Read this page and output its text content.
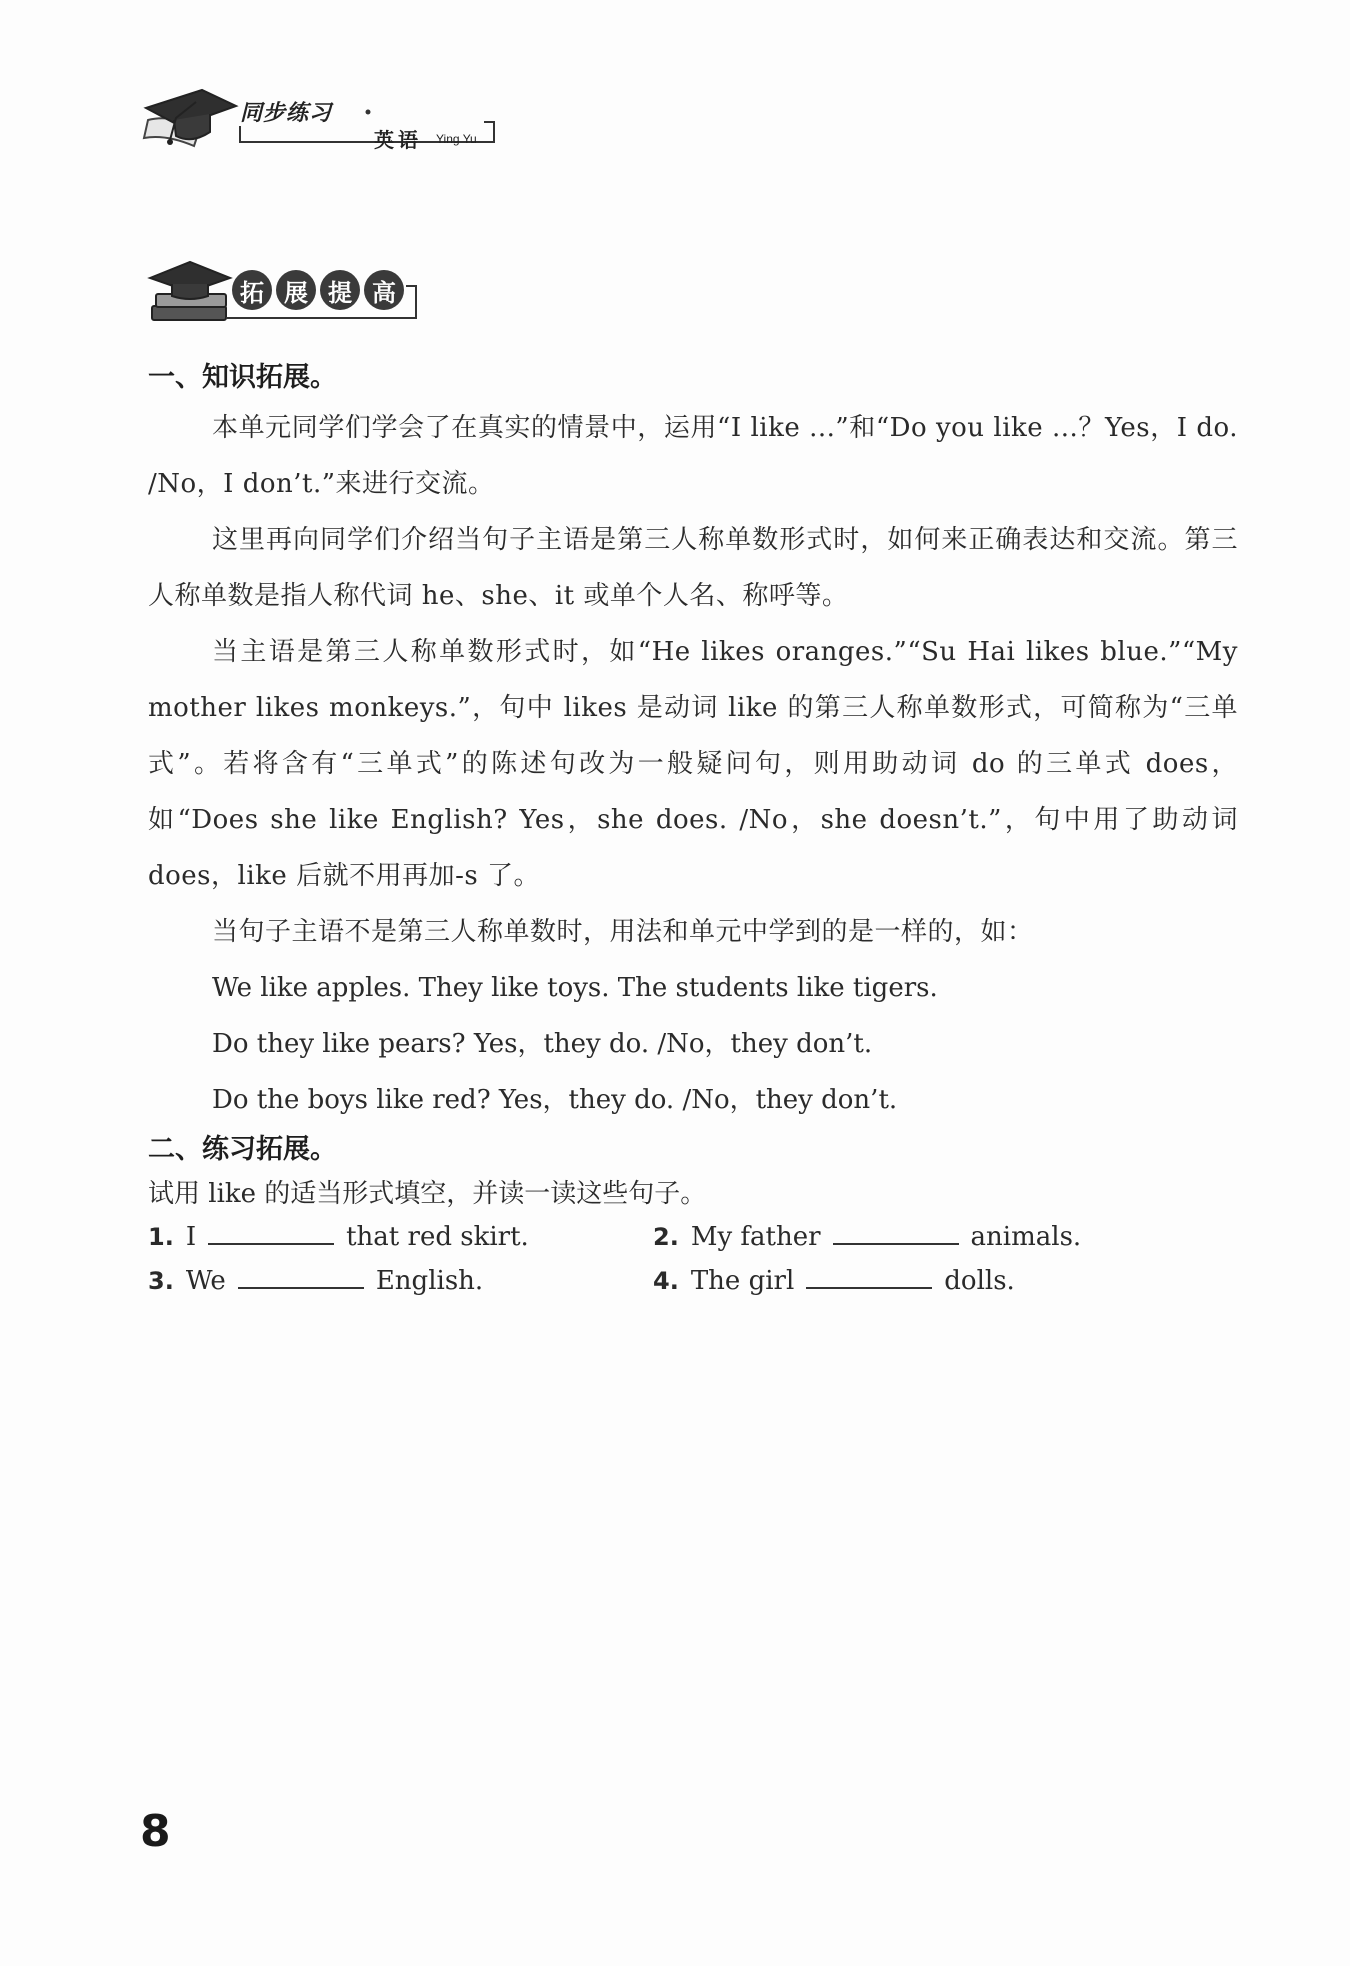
同步练习
英语 Ying Yu
拓 展 提 高
一、知识拓展。

本单元同学们学会了在真实的情景中，运用“I like ...”和“Do you like ...？Yes，I do. /No，I don’t.”来进行交流。

这里再向同学们介绍当句子主语是第三人称单数形式时，如何来正确表达和交流。第三人称单数是指人称代词 he、she、it 或单个人名、称呼等。

当主语是第三人称单数形式时，如“He likes oranges.”“Su Hai likes blue.”“My mother likes monkeys.”，句中 likes 是动词 like 的第三人称单数形式，可简称为“三单式”。若将含有“三单式”的陈述句改为一般疑问句，则用助动词 do 的三单式 does，如“Does she like English? Yes，she does. /No，she doesn’t.”，句中用了助动词 does，like 后就不用再加-s 了。

当句子主语不是第三人称单数时，用法和单元中学到的是一样的，如：

We like apples. They like toys. The students like tigers.

Do they like pears? Yes，they do. /No，they don’t.

Do the boys like red? Yes，they do. /No，they don’t.

二、练习拓展。

试用 like 的适当形式填空，并读一读这些句子。

1. I	that red skirt.	2. My father	animals.
3. We	English.	4. The girl	dolls.
8
